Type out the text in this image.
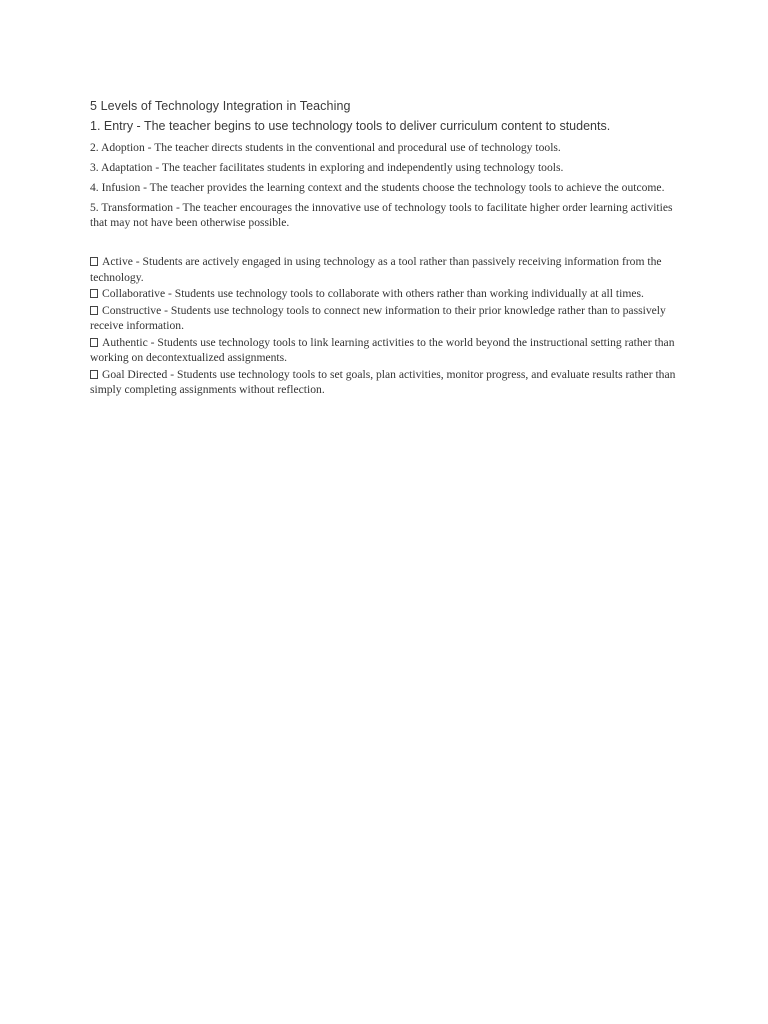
5 Levels of Technology Integration in Teaching
1. Entry - The teacher begins to use technology tools to deliver curriculum content to students.
2. Adoption - The teacher directs students in the conventional and procedural use of technology tools.
3. Adaptation - The teacher facilitates students in exploring and independently using technology tools.
4. Infusion - The teacher provides the learning context and the students choose the technology tools to achieve the outcome.
5. Transformation - The teacher encourages the innovative use of technology tools to facilitate higher order learning activities that may not have been otherwise possible.
Active - Students are actively engaged in using technology as a tool rather than passively receiving information from the technology.
Collaborative - Students use technology tools to collaborate with others rather than working individually at all times.
Constructive - Students use technology tools to connect new information to their prior knowledge rather than to passively receive information.
Authentic - Students use technology tools to link learning activities to the world beyond the instructional setting rather than working on decontextualized assignments.
Goal Directed - Students use technology tools to set goals, plan activities, monitor progress, and evaluate results rather than simply completing assignments without reflection.
